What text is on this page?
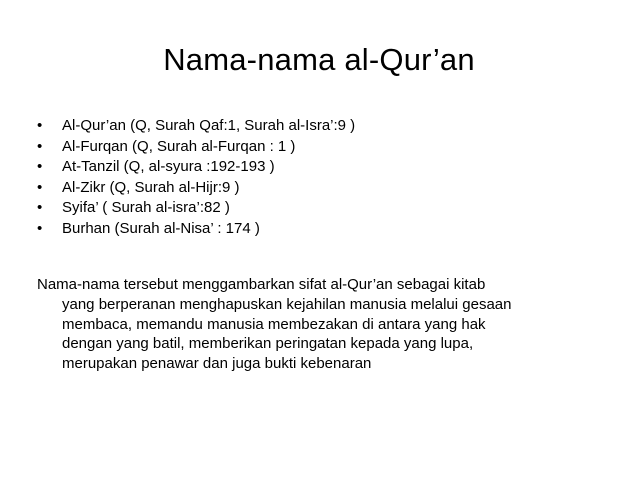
Nama-nama al-Qur’an
•	Al-Qur’an (Q, Surah Qaf:1, Surah al-Isra’:9 )
•	Al-Furqan (Q, Surah al-Furqan : 1 )
•	At-Tanzil (Q, al-syura :192-193 )
•	Al-Zikr (Q, Surah al-Hijr:9 )
•	Syifa’ ( Surah al-isra’:82 )
•	Burhan (Surah al-Nisa’ : 174 )

Nama-nama tersebut menggambarkan sifat al-Qur’an sebagai kitab
yang berperanan menghapuskan kejahilan manusia melalui gesaan
membaca, memandu manusia membezakan di antara yang hak
dengan yang batil, memberikan peringatan kepada yang lupa,
merupakan penawar dan juga bukti kebenaran
